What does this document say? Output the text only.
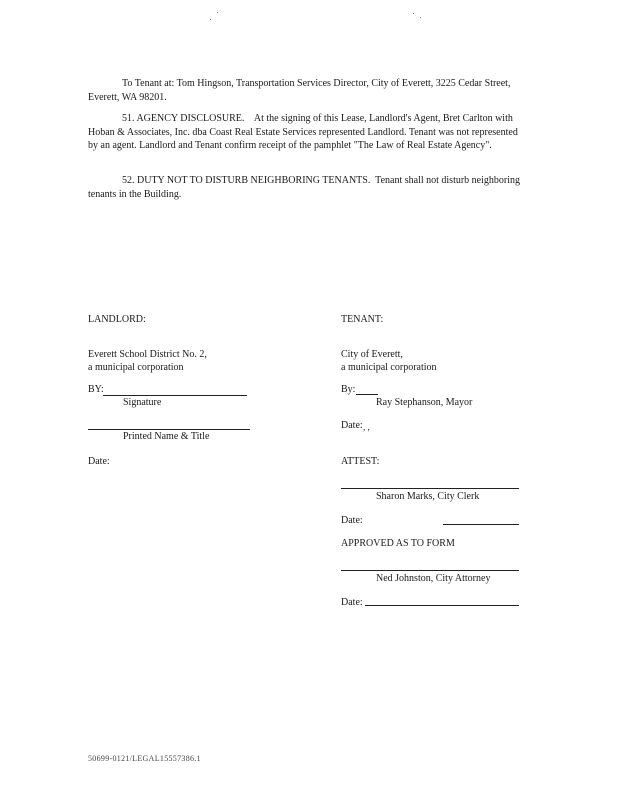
To Tenant at: Tom Hingson, Transportation Services Director, City of Everett, 3225 Cedar Street, Everett, WA 98201.

51. AGENCY DISCLOSURE. At the signing of this Lease, Landlord's Agent, Bret Carlton with Hoban & Associates, Inc. dba Coast Real Estate Services represented Landlord. Tenant was not represented by an agent. Landlord and Tenant confirm receipt of the pamphlet "The Law of Real Estate Agency".

52. DUTY NOT TO DISTURB NEIGHBORING TENANTS. Tenant shall not disturb neighboring tenants in the Building.

LANDLORD:
Everett School District No. 2,
a municipal corporation
BY:
Signature
Printed Name & Title
Date:
TENANT:
City of Everett,
a municipal corporation
By:
Ray Stephanson, Mayor
Date: , ,
ATTEST:
Sharon Marks, City Clerk
Date:
APPROVED AS TO FORM
Ned Johnston, City Attorney
Date:
50699-0121/LEGAL15557386.1
